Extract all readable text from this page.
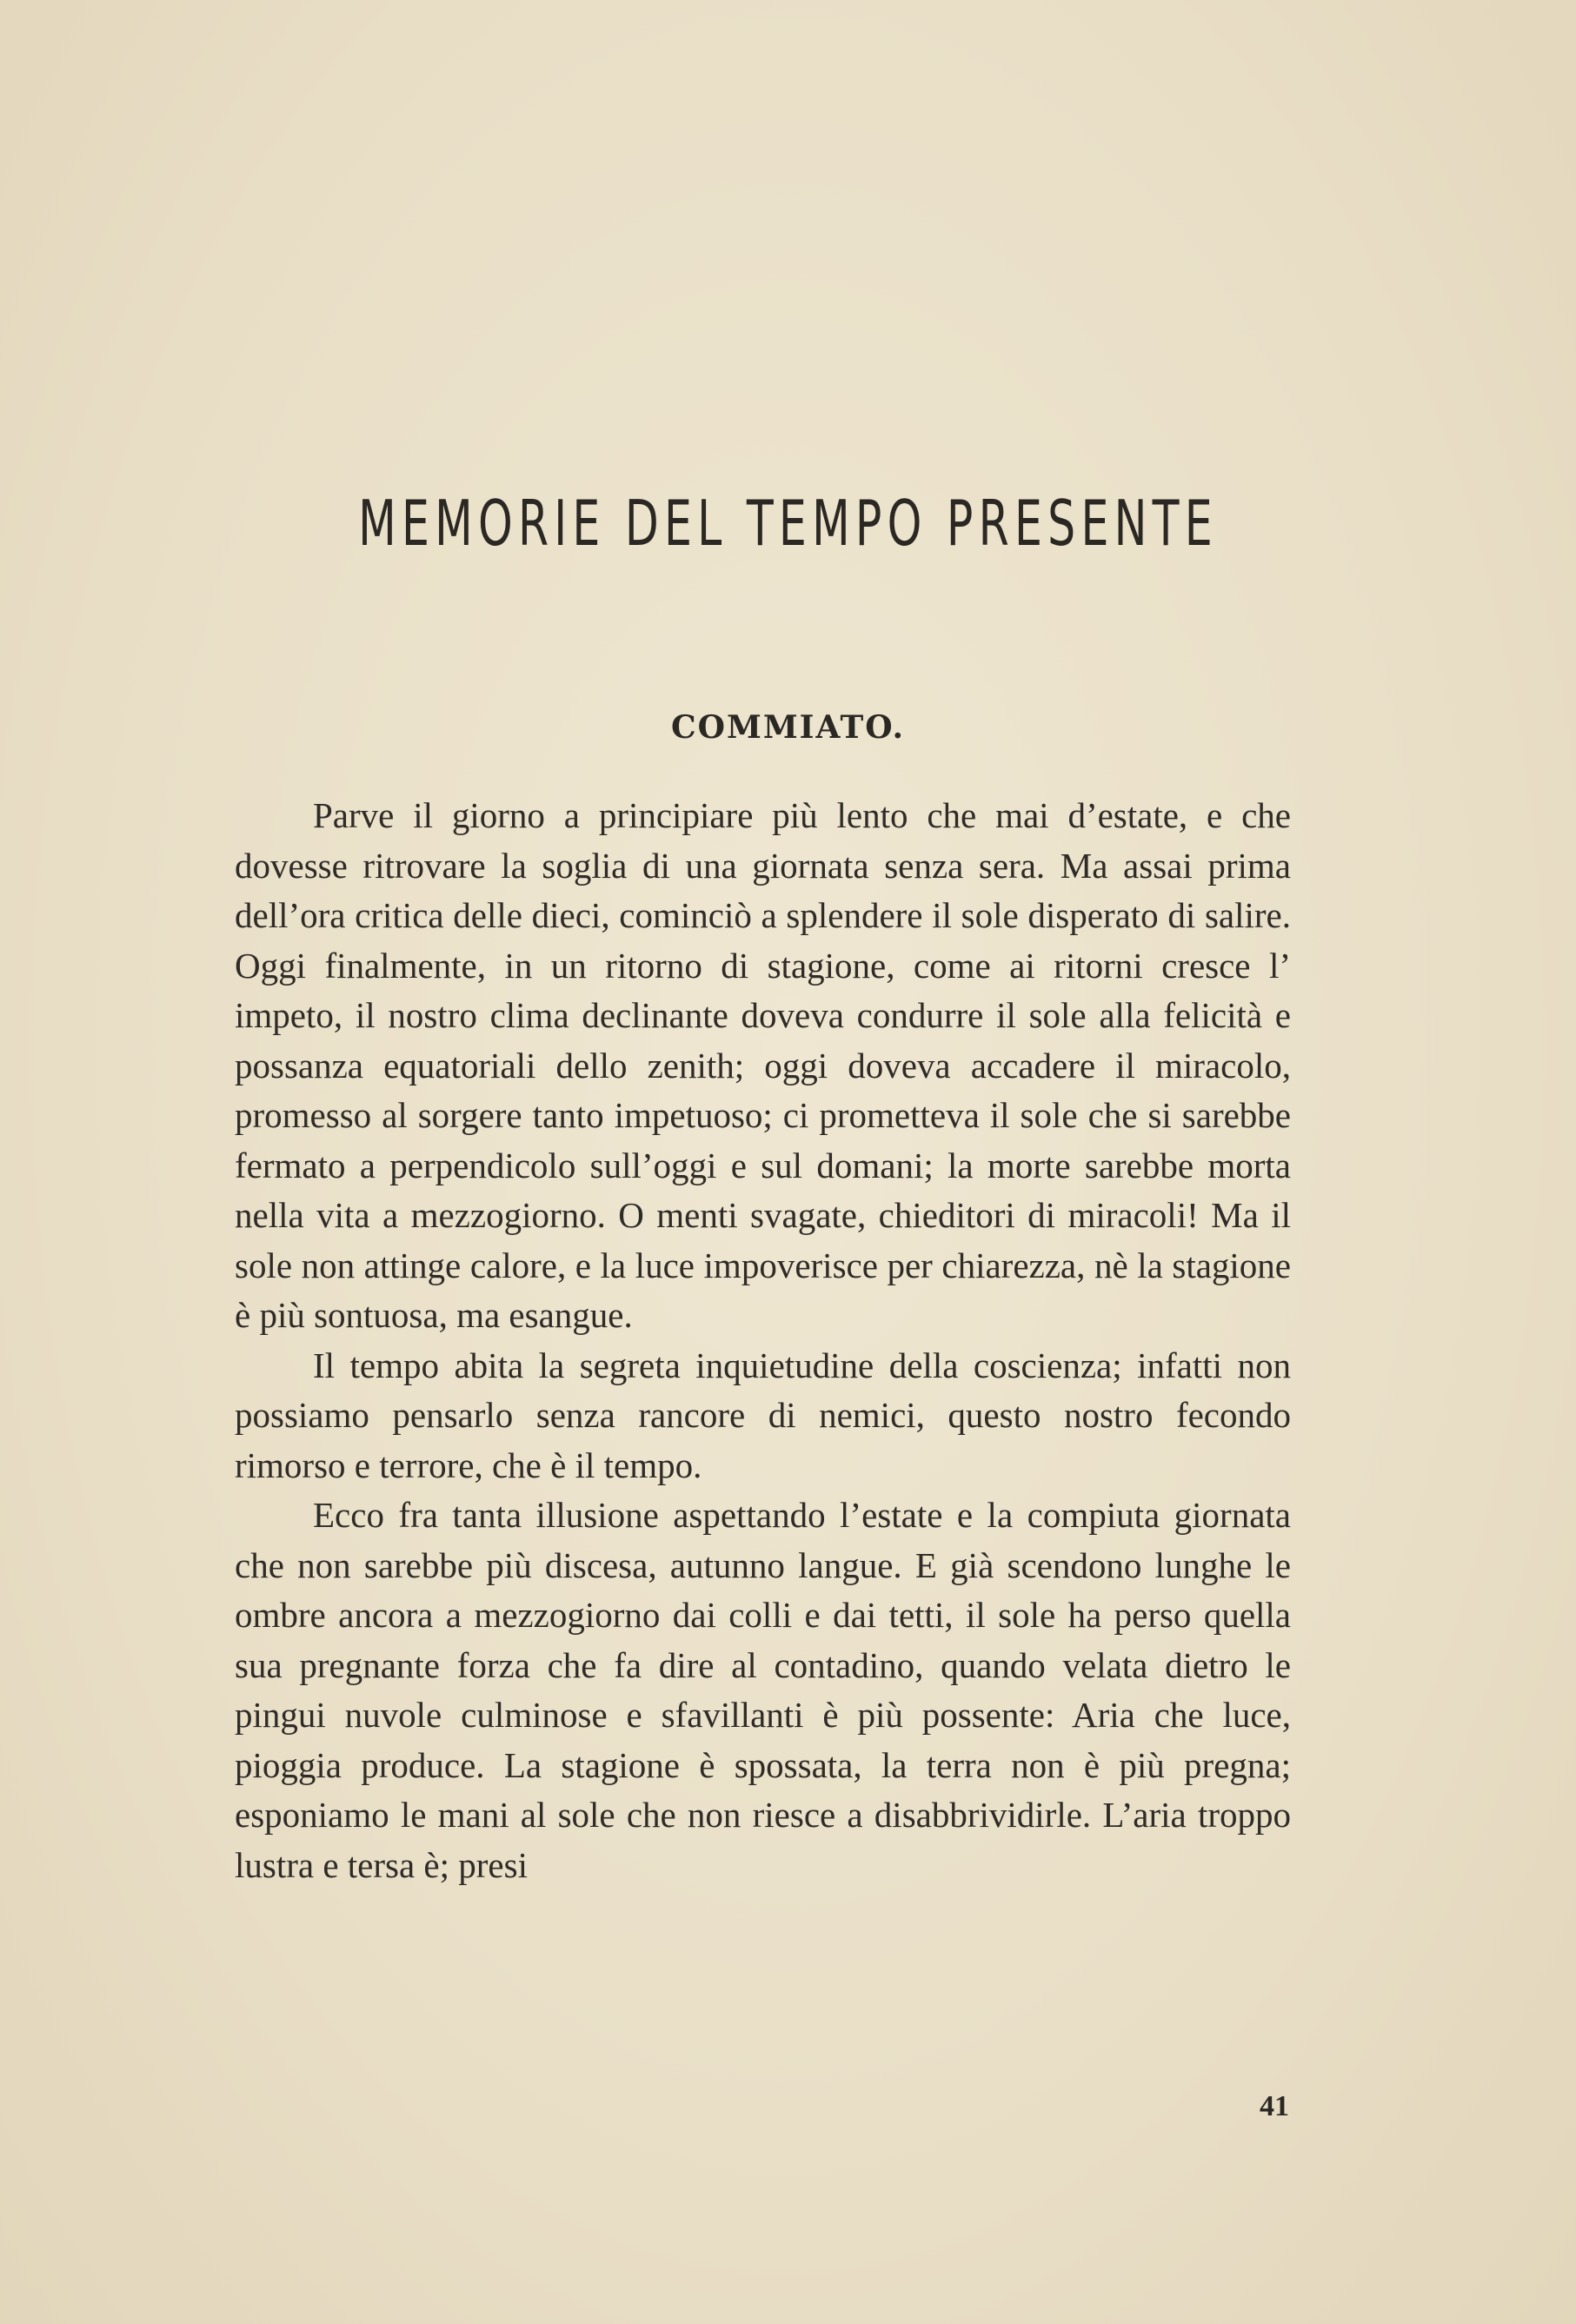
MEMORIE DEL TEMPO PRESENTE
COMMIATO.

Parve il giorno a principiare più lento che mai d’estate, e che dovesse ritrovare la soglia di una giornata senza sera. Ma assai prima dell’ora critica delle dieci, cominciò a splendere il sole disperato di salire. Oggi finalmente, in un ritorno di stagione, come ai ritorni cresce l’ impeto, il nostro clima declinante doveva condurre il sole alla felicità e possanza equatoriali dello zenith; oggi doveva accadere il miracolo, promesso al sorgere tanto impetuoso; ci prometteva il sole che si sarebbe fermato a perpendicolo sull’oggi e sul domani; la morte sarebbe morta nella vita a mezzogiorno. O menti svagate, chieditori di miracoli! Ma il sole non attinge calore, e la luce impoverisce per chiarezza, nè la stagione è più sontuosa, ma esangue.

Il tempo abita la segreta inquietudine della coscienza; infatti non possiamo pensarlo senza rancore di nemici, questo nostro fecondo rimorso e terrore, che è il tempo.

Ecco fra tanta illusione aspettando l’estate e la compiuta giornata che non sarebbe più discesa, autunno langue. E già scendono lunghe le ombre ancora a mezzogiorno dai colli e dai tetti, il sole ha perso quella sua pregnante forza che fa dire al contadino, quando velata dietro le pingui nuvole culminose e sfavillanti è più possente: Aria che luce, pioggia produce. La stagione è spossata, la terra non è più pregna; esponiamo le mani al sole che non riesce a disabbrividirle. L’aria troppo lustra e tersa è; presi

41
